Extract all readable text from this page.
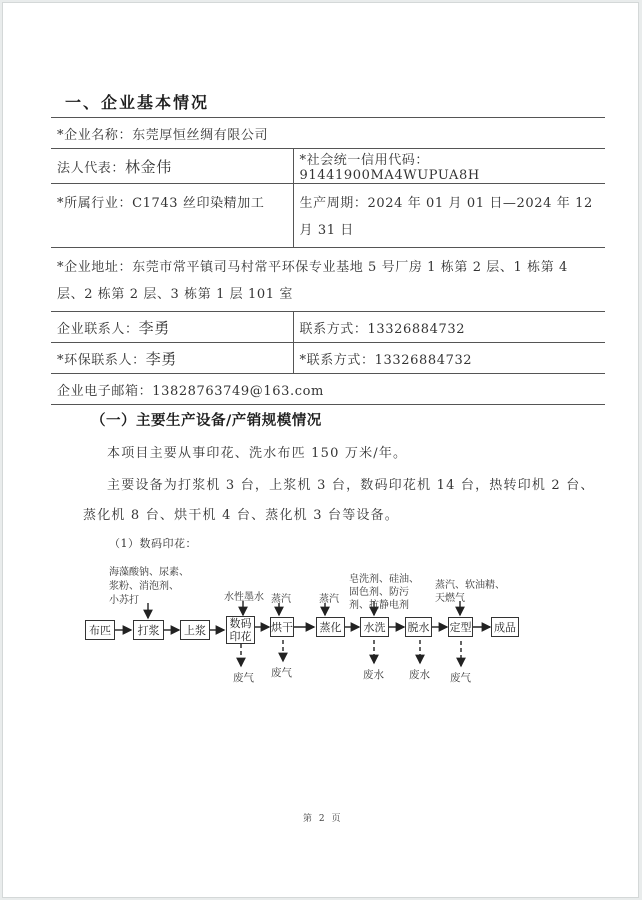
一、企业基本情况
*企业名称：东莞厚恒丝绸有限公司	
法人代表：林金伟	*社会统一信用代码：91441900MA4WUPUA8H
*所属行业：C1743 丝印染精加工	生产周期：2024 年 01 月 01 日—2024 年 12 月 31 日
*企业地址：东莞市常平镇司马村常平环保专业基地 5 号厂房 1 栋第 2 层、1 栋第 4 层、2 栋第 2 层、3 栋第 1 层 101 室	
企业联系人：李勇	联系方式：13326884732
*环保联系人：李勇	*联系方式：13326884732
企业电子邮箱：13828763749@163.com	
（一）主要生产设备/产销规模情况
本项目主要从事印花、洗水布匹 150 万米/年。
主要设备为打浆机 3 台，上浆机 3 台，数码印花机 14 台，热转印机 2 台、
蒸化机 8 台、烘干机 4 台、蒸化机 3 台等设备。
（1）数码印花：
布匹	打浆	上浆	数码印花
烘干	蒸化	水洗	脱水 定型 成品
海藻酸钠、尿素、
浆粉、消泡剂、
小苏打	水性墨水 蒸汽	蒸汽
皂洗剂、硅油、
固色剂、防污
剂、抗静电剂
蒸汽、软油精、
天燃气
废气 废气	废水 废水 废气
第 2 页
